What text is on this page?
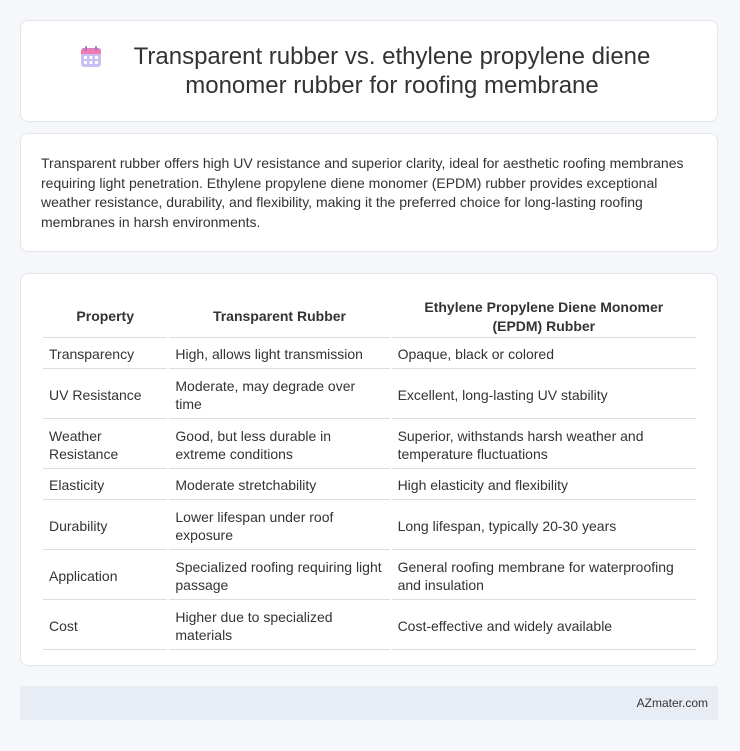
Transparent rubber vs. ethylene propylene diene monomer rubber for roofing membrane

Transparent rubber offers high UV resistance and superior clarity, ideal for aesthetic roofing membranes requiring light penetration. Ethylene propylene diene monomer (EPDM) rubber provides exceptional weather resistance, durability, and flexibility, making it the preferred choice for long-lasting roofing membranes in harsh environments.

Property	Transparent Rubber	Ethylene Propylene Diene Monomer (EPDM) Rubber
Transparency	High, allows light transmission	Opaque, black or colored
UV Resistance	Moderate, may degrade over time	Excellent, long-lasting UV stability
Weather Resistance	Good, but less durable in extreme conditions	Superior, withstands harsh weather and temperature fluctuations
Elasticity	Moderate stretchability	High elasticity and flexibility
Durability	Lower lifespan under roof exposure	Long lifespan, typically 20-30 years
Application	Specialized roofing requiring light passage	General roofing membrane for waterproofing and insulation
Cost	Higher due to specialized materials	Cost-effective and widely available
AZmater.com
